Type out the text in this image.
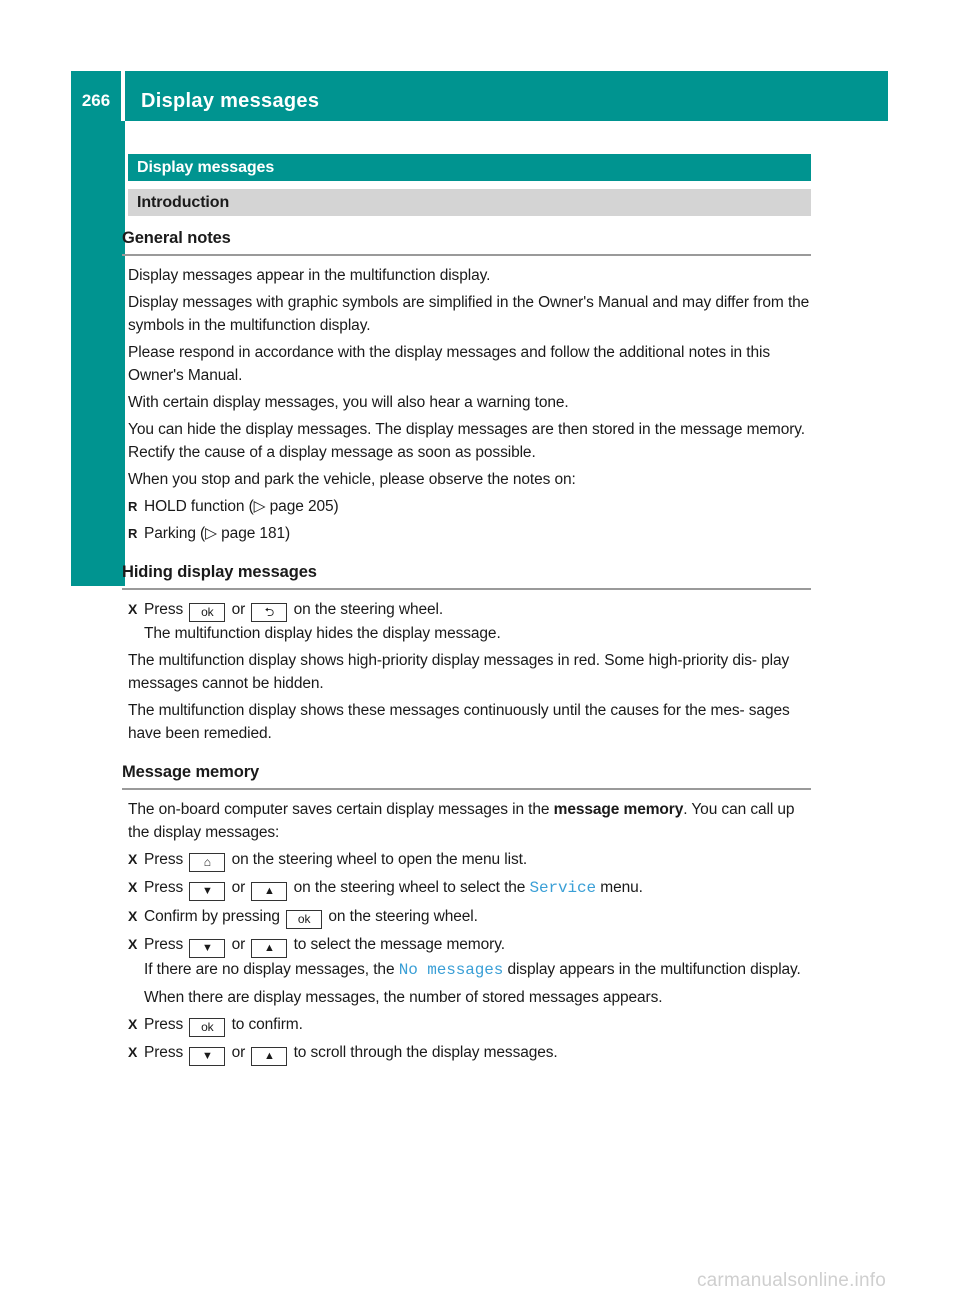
266	Display messages
On-board computer and displays
Display messages
Introduction
General notes

Display messages appear in the multifunction display.

Display messages with graphic symbols are simplified in the Owner's Manual and may differ from the symbols in the multifunction display.

Please respond in accordance with the display messages and follow the additional notes in this Owner's Manual.

With certain display messages, you will also hear a warning tone.

You can hide the display messages. The display messages are then stored in the message memory. Rectify the cause of a display message as soon as possible.

When you stop and park the vehicle, please observe the notes on:

R HOLD function (▷ page 205)
R Parking (▷ page 181)
Hiding display messages
X Press ok or ⮌ on the steering wheel.
The multifunction display hides the display message.

The multifunction display shows high-priority display messages in red. Some high-priority dis- play messages cannot be hidden.

The multifunction display shows these messages continuously until the causes for the mes- sages have been remedied.

Message memory

The on-board computer saves certain display messages in the message memory. You can call up the display messages:

X Press ⌂ on the steering wheel to open the menu list.
X Press ▼ or ▲ on the steering wheel to select the Service menu.
X Confirm by pressing ok on the steering wheel.
X Press ▼ or ▲ to select the message memory.
If there are no display messages, the No messages display appears in the multifunction display.
When there are display messages, the number of stored messages appears.
X Press ok to confirm.
X Press ▼ or ▲ to scroll through the display messages.
carmanualsonline.info
